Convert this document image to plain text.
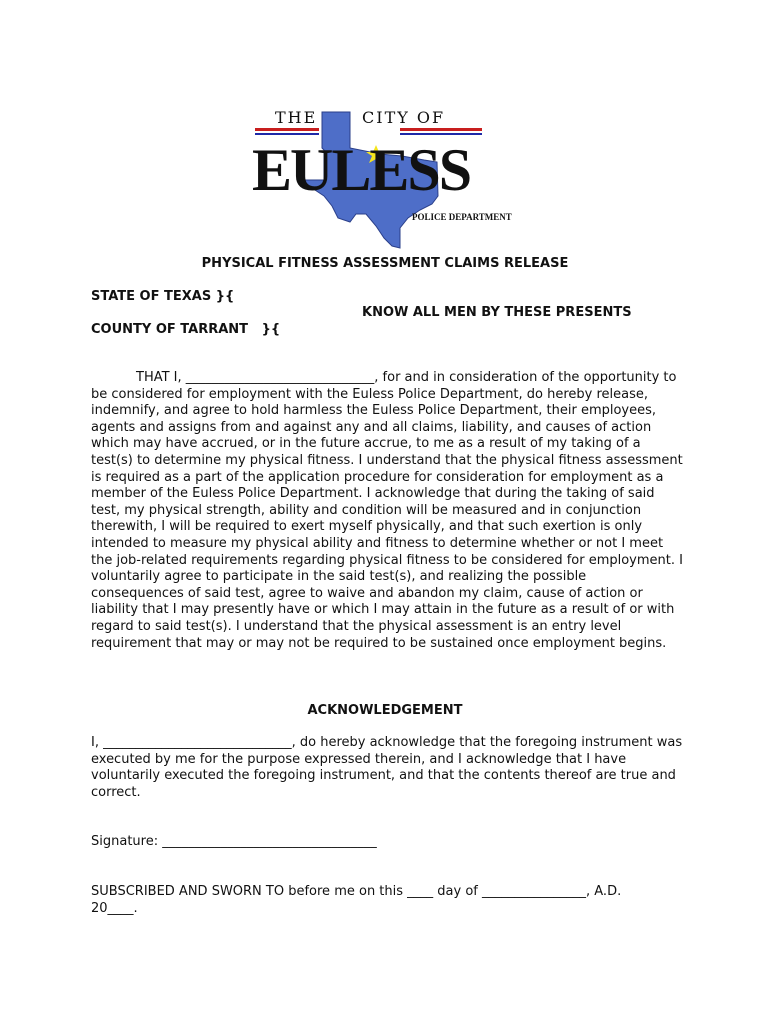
THE	CITY OF
EULESS
POLICE DEPARTMENT
PHYSICAL FITNESS ASSESSMENT CLAIMS RELEASE
STATE OF TEXAS }{
KNOW ALL MEN BY THESE PRESENTS
COUNTY OF TARRANT   }{
THAT I, _____________________________, for and in consideration of the opportunity to be considered for employment with the Euless Police Department, do hereby release, indemnify, and agree to hold harmless the Euless Police Department, their employees, agents and assigns from and against any and all claims, liability, and causes of action which may have accrued, or in the future accrue, to me as a result of my taking of a test(s) to determine my physical fitness. I understand that the physical fitness assessment is required as a part of the application procedure for consideration for employment as a member of the Euless Police Department. I acknowledge that during the taking of said test, my physical strength, ability and condition will be measured and in conjunction therewith, I will be required to exert myself physically, and that such exertion is only intended to measure my physical ability and fitness to determine whether or not I meet the job-related requirements regarding physical fitness to be considered for employment. I voluntarily agree to participate in the said test(s), and realizing the possible consequences of said test, agree to waive and abandon my claim, cause of action or liability that I may presently have or which I may attain in the future as a result of or with regard to said test(s). I understand that the physical assessment is an entry level requirement that may or may not be required to be sustained once employment begins.
ACKNOWLEDGEMENT
I, _____________________________, do hereby acknowledge that the foregoing instrument was executed by me for the purpose expressed therein, and I acknowledge that I have voluntarily executed the foregoing instrument, and that the contents thereof are true and correct.
Signature: _________________________________
SUBSCRIBED AND SWORN TO before me on this ____ day of ________________, A.D.
20____.
